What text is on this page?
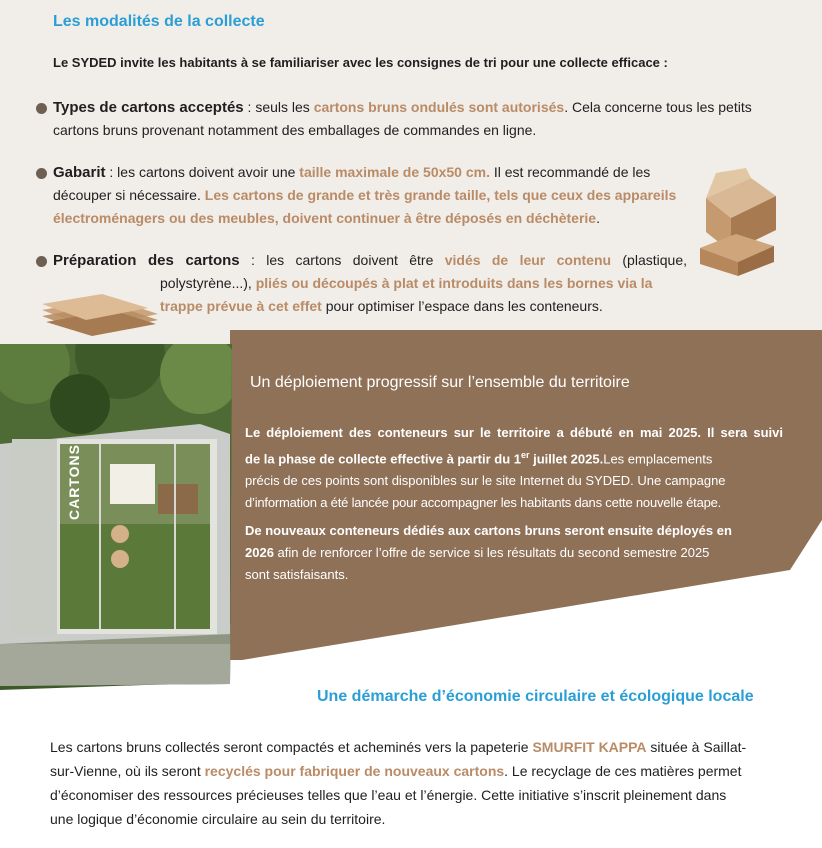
Les modalités de la collecte
Le SYDED invite les habitants à se familiariser avec les consignes de tri pour une collecte efficace :
Types de cartons acceptés : seuls les cartons bruns ondulés sont autorisés. Cela concerne tous les petits
cartons bruns provenant notamment des emballages de commandes en ligne.
Gabarit : les cartons doivent avoir une taille maximale de 50x50 cm. Il est recommandé de les
découper si nécessaire. Les cartons de grande et très grande taille, tels que ceux des appareils
électroménagers ou des meubles, doivent continuer à être déposés en déchèterie.
Préparation des cartons : les cartons doivent être vidés de leur contenu (plastique,
polystyrène...), pliés ou découpés à plat et introduits dans les bornes via la
trappe prévue à cet effet pour optimiser l’espace dans les conteneurs.
CARTONS
Un déploiement progressif sur l’ensemble du territoire
Le déploiement des conteneurs sur le territoire a débuté en mai 2025. Il sera suivi
de la phase de collecte effective à partir du 1er juillet 2025.Les emplacements
précis de ces points sont disponibles sur le site Internet du SYDED. Une campagne
d’information a été lancée pour accompagner les habitants dans cette nouvelle étape.
De nouveaux conteneurs dédiés aux cartons bruns seront ensuite déployés en
2026 afin de renforcer l’offre de service si les résultats du second semestre 2025
sont satisfaisants.
Une démarche d’économie circulaire et écologique locale
Les cartons bruns collectés seront compactés et acheminés vers la papeterie SMURFIT KAPPA située à Saillat-
sur-Vienne, où ils seront recyclés pour fabriquer de nouveaux cartons. Le recyclage de ces matières permet
d’économiser des ressources précieuses telles que l’eau et l’énergie. Cette initiative s’inscrit pleinement dans
une logique d’économie circulaire au sein du territoire.
